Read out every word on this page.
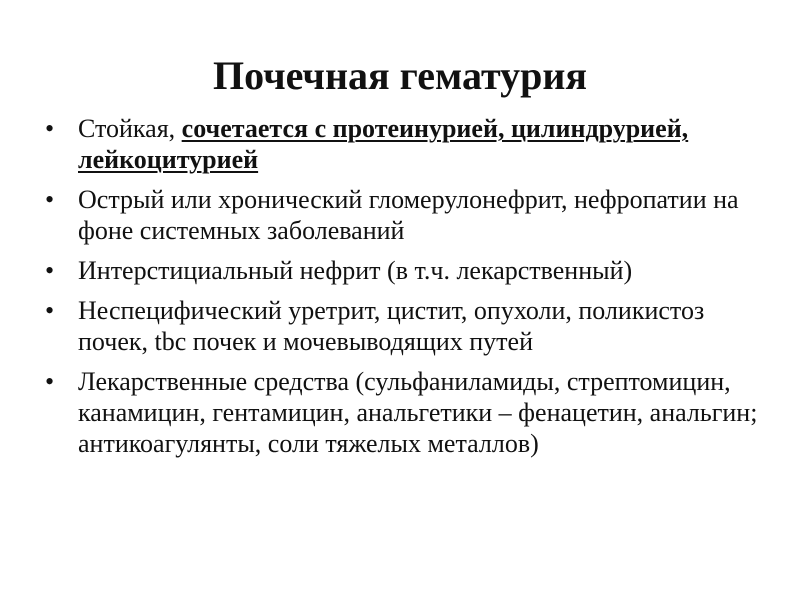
Почечная гематурия
• Стойкая, сочетается с протеинурией, цилиндрурией, лейкоцитурией
• Острый или хронический гломерулонефрит, нефропатии на фоне системных заболеваний
• Интерстициальный нефрит (в т.ч. лекарственный)
• Неспецифический уретрит, цистит, опухоли, поликистоз почек, tbc почек и мочевыводящих путей
• Лекарственные средства (сульфаниламиды, стрептомицин, канамицин, гентамицин, анальгетики – фенацетин, анальгин; антикоагулянты, соли тяжелых металлов)
